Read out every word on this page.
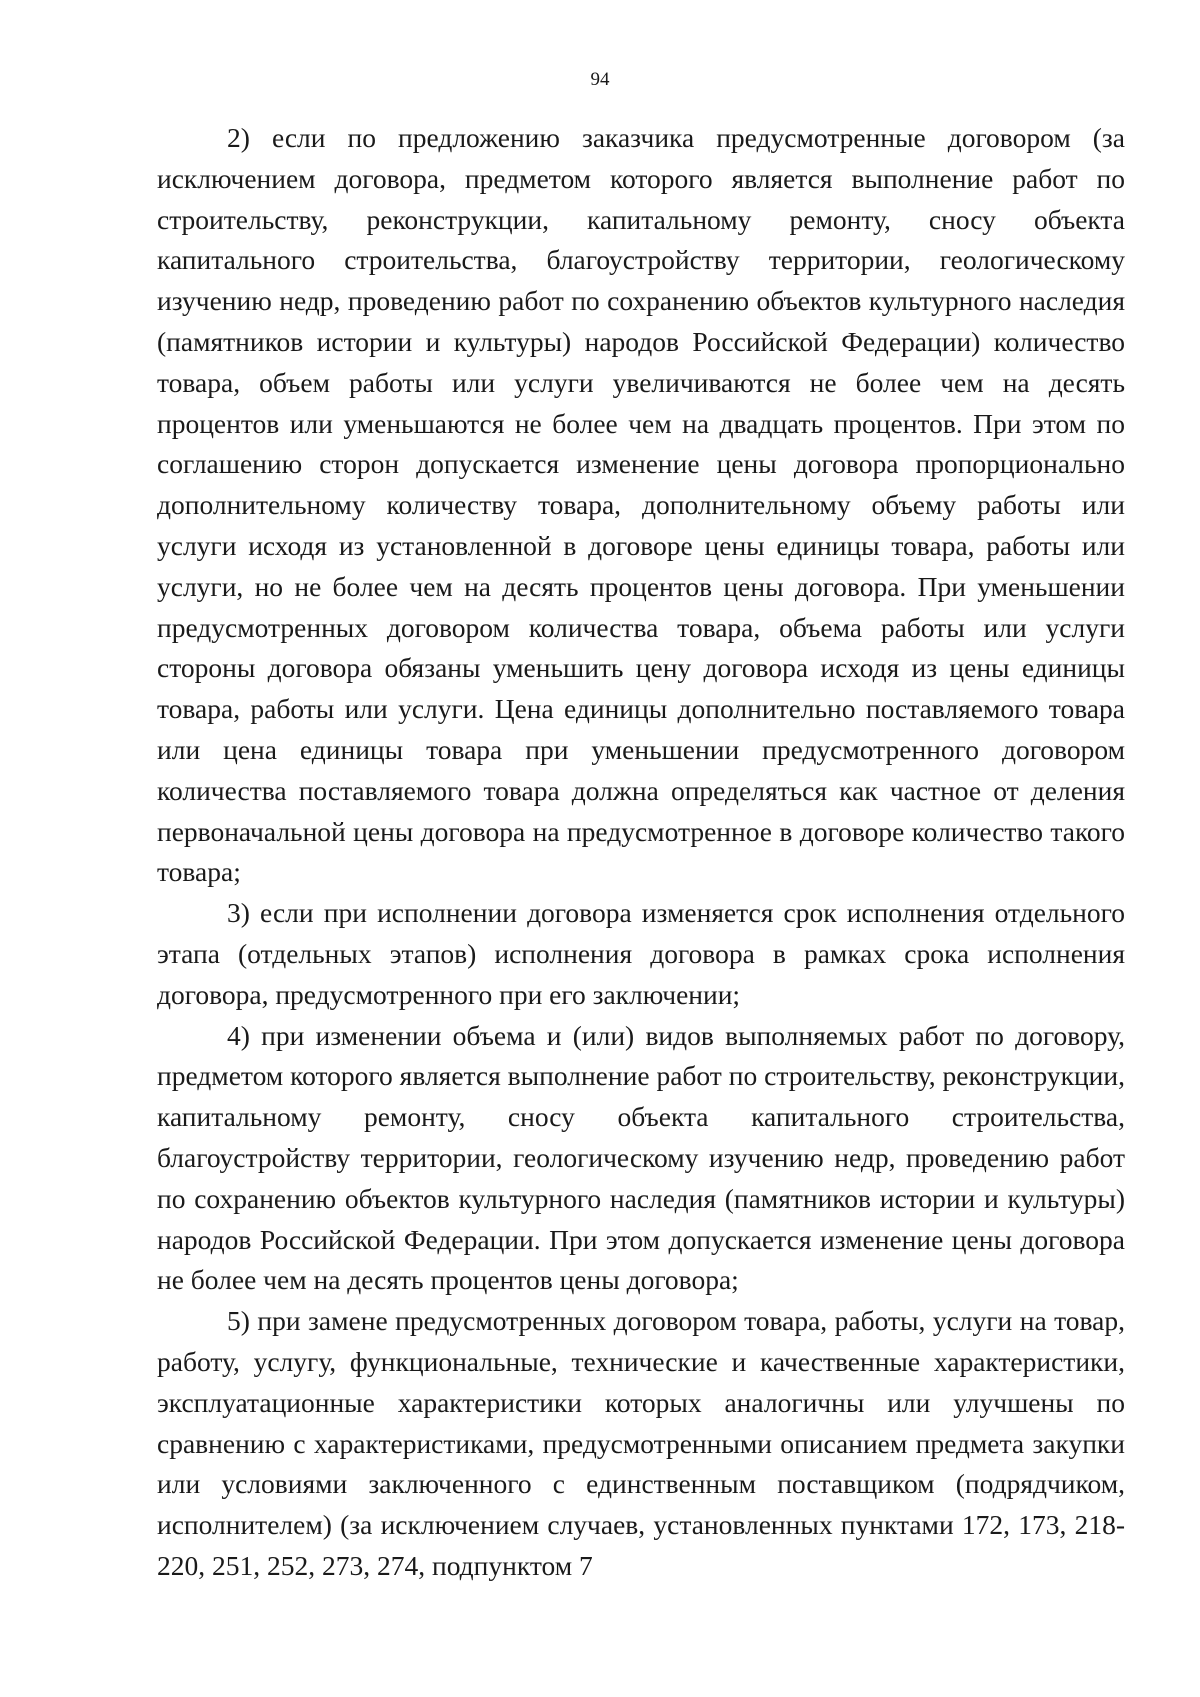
94

2) если по предложению заказчика предусмотренные договором (за исключением договора, предметом которого является выполнение работ по строительству, реконструкции, капитальному ремонту, сносу объекта капитального строительства, благоустройству территории, геологическому изучению недр, проведению работ по сохранению объектов культурного наследия (памятников истории и культуры) народов Российской Федерации) количество товара, объем работы или услуги увеличиваются не более чем на десять процентов или уменьшаются не более чем на двадцать процентов. При этом по соглашению сторон допускается изменение цены договора пропорционально дополнительному количеству товара, дополнительному объему работы или услуги исходя из установленной в договоре цены единицы товара, работы или услуги, но не более чем на десять процентов цены договора. При уменьшении предусмотренных договором количества товара, объема работы или услуги стороны договора обязаны уменьшить цену договора исходя из цены единицы товара, работы или услуги. Цена единицы дополнительно поставляемого товара или цена единицы товара при уменьшении предусмотренного договором количества поставляемого товара должна определяться как частное от деления первоначальной цены договора на предусмотренное в договоре количество такого товара;

3) если при исполнении договора изменяется срок исполнения отдельного этапа (отдельных этапов) исполнения договора в рамках срока исполнения договора, предусмотренного при его заключении;

4) при изменении объема и (или) видов выполняемых работ по договору, предметом которого является выполнение работ по строительству, реконструкции, капитальному ремонту, сносу объекта капитального строительства, благоустройству территории, геологическому изучению недр, проведению работ по сохранению объектов культурного наследия (памятников истории и культуры) народов Российской Федерации. При этом допускается изменение цены договора не более чем на десять процентов цены договора;

5) при замене предусмотренных договором товара, работы, услуги на товар, работу, услугу, функциональные, технические и качественные характеристики, эксплуатационные характеристики которых аналогичны или улучшены по сравнению с характеристиками, предусмотренными описанием предмета закупки или условиями заключенного с единственным поставщиком (подрядчиком, исполнителем) (за исключением случаев, установленных пунктами 172, 173, 218-220, 251, 252, 273, 274, подпунктом 7
